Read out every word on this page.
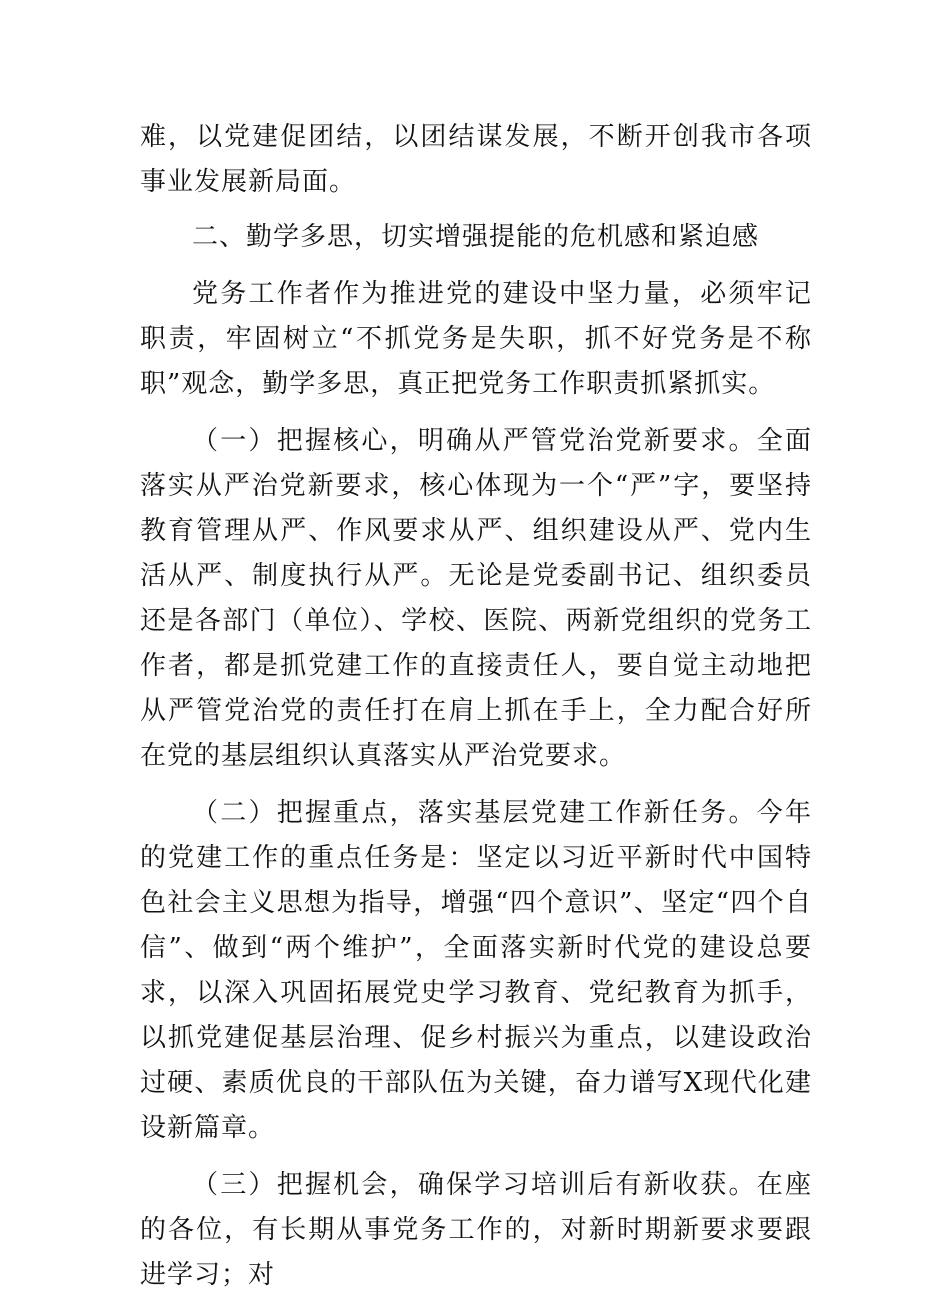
难，以党建促团结，以团结谋发展，不断开创我市各项事业发展新局面。

二、勤学多思，切实增强提能的危机感和紧迫感

党务工作者作为推进党的建设中坚力量，必须牢记职责，牢固树立“不抓党务是失职，抓不好党务是不称职”观念，勤学多思，真正把党务工作职责抓紧抓实。

（一）把握核心，明确从严管党治党新要求。全面落实从严治党新要求，核心体现为一个“严”字，要坚持教育管理从严、作风要求从严、组织建设从严、党内生活从严、制度执行从严。无论是党委副书记、组织委员还是各部门（单位）、学校、医院、两新党组织的党务工作者，都是抓党建工作的直接责任人，要自觉主动地把从严管党治党的责任打在肩上抓在手上，全力配合好所在党的基层组织认真落实从严治党要求。

（二）把握重点，落实基层党建工作新任务。今年的党建工作的重点任务是：坚定以习近平新时代中国特色社会主义思想为指导，增强“四个意识”、坚定“四个自信”、做到“两个维护”，全面落实新时代党的建设总要求，以深入巩固拓展党史学习教育、党纪教育为抓手，以抓党建促基层治理、促乡村振兴为重点，以建设政治过硬、素质优良的干部队伍为关键，奋力谱写X现代化建设新篇章。

（三）把握机会，确保学习培训后有新收获。在座的各位，有长期从事党务工作的，对新时期新要求要跟进学习；对
